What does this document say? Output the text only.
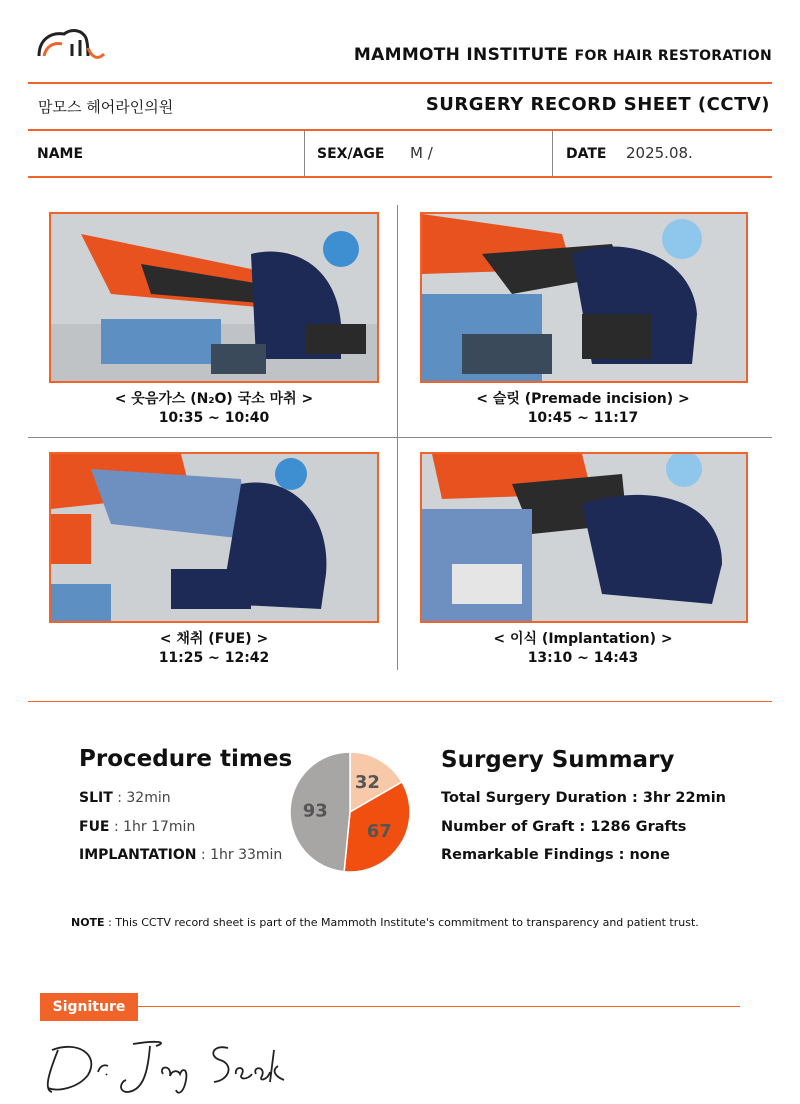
MAMMOTH INSTITUTE FOR HAIR RESTORATION
맘모스 헤어라인의원	SURGERY RECORD SHEET (CCTV)
NAME	SEX/AGE M /	DATE 2025.08.
< 웃음가스 (N₂O) 국소 마취 >
10:35 ~ 10:40
< 슬릿 (Premade incision) >
10:45 ~ 11:17
< 채취 (FUE) >
11:25 ~ 12:42
< 이식 (Implantation) >
13:10 ~ 14:43
Procedure times
SLIT : 32min
FUE : 1hr 17min
IMPLANTATION : 1hr 33min
32
67
93
Surgery Summary
Total Surgery Duration : 3hr 22min
Number of Graft : 1286 Grafts
Remarkable Findings : none
NOTE : This CCTV record sheet is part of the Mammoth Institute's commitment to transparency and patient trust.
Signiture
